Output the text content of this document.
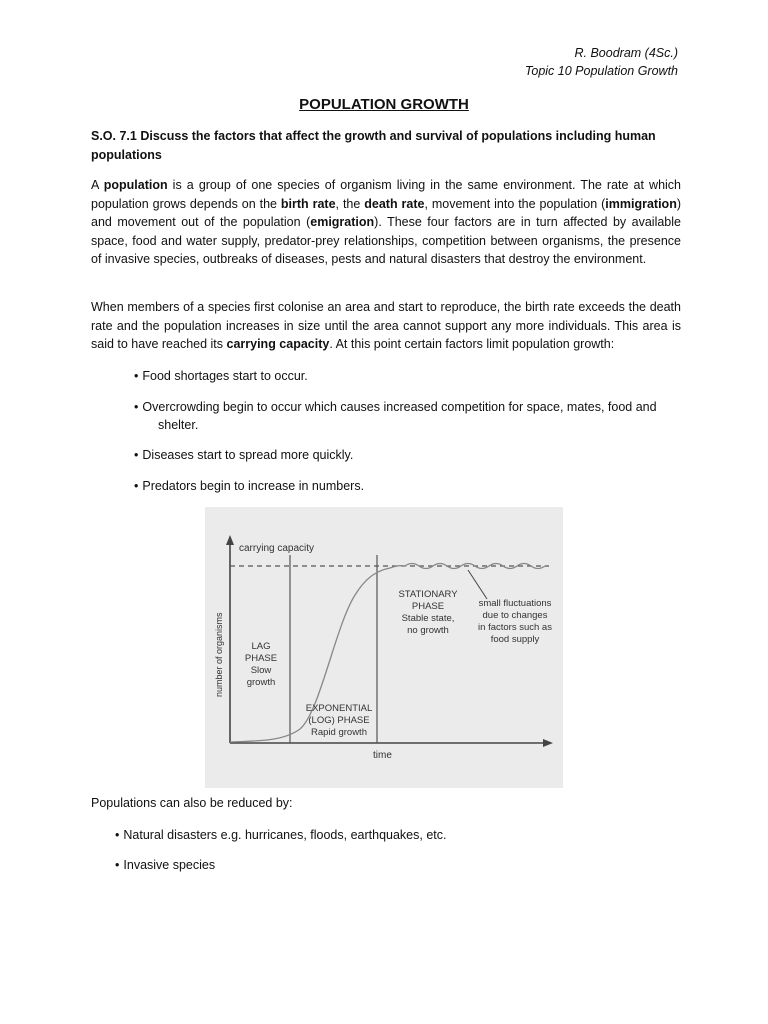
R. Boodram (4Sc.)
Topic 10 Population Growth
POPULATION GROWTH
S.O. 7.1 Discuss the factors that affect the growth and survival of populations including human populations
A population is a group of one species of organism living in the same environment. The rate at which population grows depends on the birth rate, the death rate, movement into the population (immigration) and movement out of the population (emigration). These four factors are in turn affected by available space, food and water supply, predator-prey relationships, competition between organisms, the presence of invasive species, outbreaks of diseases, pests and natural disasters that destroy the environment.
When members of a species first colonise an area and start to reproduce, the birth rate exceeds the death rate and the population increases in size until the area cannot support any more individuals. This area is said to have reached its carrying capacity. At this point certain factors limit population growth:
• Food shortages start to occur.
• Overcrowding begin to occur which causes increased competition for space, mates, food and
shelter.
• Diseases start to spread more quickly.
• Predators begin to increase in numbers.
carrying capacity
number of organisms
time
LAG
PHASE
Slow
growth
EXPONENTIAL
(LOG) PHASE
Rapid growth
STATIONARY
PHASE
Stable state,
no growth
small fluctuations
due to changes
in factors such as
food supply
Populations can also be reduced by:
• Natural disasters e.g. hurricanes, floods, earthquakes, etc.
• Invasive species
